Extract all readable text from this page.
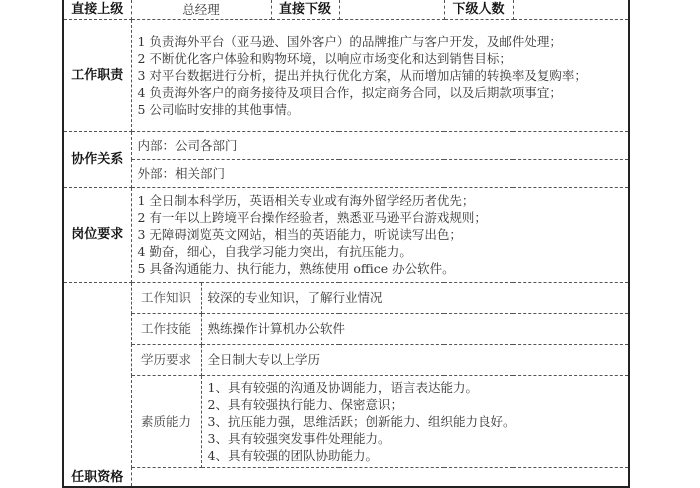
直接上级	总经理		直接下级		下级人数	
工作职责	1 负责海外平台（亚马逊、国外客户）的品牌推广与客户开发，及邮件处理；
2 不断优化客户体验和购物环境，以响应市场变化和达到销售目标；
3 对平台数据进行分析，提出并执行优化方案，从而增加店铺的转换率及复购率；
4 负责海外客户的商务接待及项目合作，拟定商务合同，以及后期款项事宜；
5 公司临时安排的其他事情。					

协作关系	内部：公司各部门					
	外部：相关部门					
岗位要求	1 全日制本科学历，英语相关专业或有海外留学经历者优先；
2 有一年以上跨境平台操作经验者，熟悉亚马逊平台游戏规则；
3 无障碍浏览英文网站，相当的英语能力，听说读写出色；
4 勤奋，细心，自我学习能力突出，有抗压能力。
5 具备沟通能力、执行能力，熟练使用 office 办公软件。					

任职资格	工作知识	较深的专业知识，了解行业情况				
	工作技能	熟练操作计算机办公软件				
	学历要求	全日制大专以上学历				
	素质能力	1、具有较强的沟通及协调能力，语言表达能力。
2、具有较强执行能力、保密意识；
3、抗压能力强，思维活跃；创新能力、组织能力良好。
3、具有较强突发事件处理能力。
4、具有较强的团队协助能力。				
